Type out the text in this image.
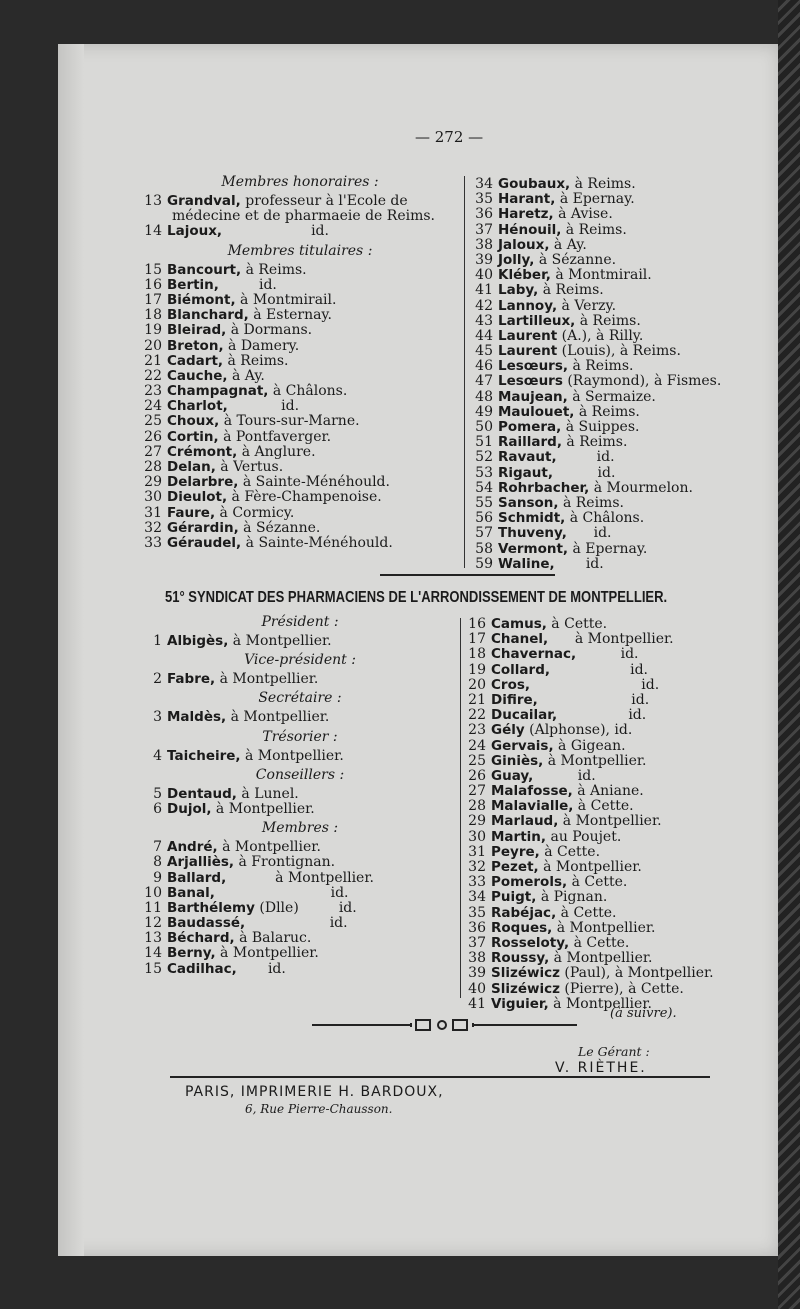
— 272 —
Membres honoraires :
13 Grandval, professeur à l'Ecole de
médecine et de pharmaeie de Reims.
14 Lajoux,                    id.
Membres titulaires :
15 Bancourt, à Reims.
16 Bertin,         id.
17 Biémont, à Montmirail.
18 Blanchard, à Esternay.
19 Bleirad, à Dormans.
20 Breton, à Damery.
21 Cadart, à Reims.
22 Cauche, à Ay.
23 Champagnat, à Châlons.
24 Charlot,            id.
25 Choux, à Tours-sur-Marne.
26 Cortin, à Pontfaverger.
27 Crémont, à Anglure.
28 Delan, à Vertus.
29 Delarbre, à Sainte-Ménéhould.
30 Dieulot, à Fère-Champenoise.
31 Faure, à Cormicy.
32 Gérardin, à Sézanne.
33 Géraudel, à Sainte-Ménéhould.
34 Goubaux, à Reims.
35 Harant, à Epernay.
36 Haretz, à Avise.
37 Hénouil, à Reims.
38 Jaloux, à Ay.
39 Jolly, à Sézanne.
40 Kléber, à Montmirail.
41 Laby, à Reims.
42 Lannoy, à Verzy.
43 Lartilleux, à Reims.
44 Laurent (A.), à Rilly.
45 Laurent (Louis), à Reims.
46 Lesœurs, à Reims.
47 Lesœurs (Raymond), à Fismes.
48 Maujean, à Sermaize.
49 Maulouet, à Reims.
50 Pomera, à Suippes.
51 Raillard, à Reims.
52 Ravaut,         id.
53 Rigaut,          id.
54 Rohrbacher, à Mourmelon.
55 Sanson, à Reims.
56 Schmidt, à Châlons.
57 Thuveny,      id.
58 Vermont, à Epernay.
59 Waline,       id.
51° SYNDICAT DES PHARMACIENS DE L'ARRONDISSEMENT DE MONTPELLIER.
Président :
1 Albigès, à Montpellier.
Vice-président :
2 Fabre, à Montpellier.
Secrétaire :
3 Maldès, à Montpellier.
Trésorier :
4 Taicheire, à Montpellier.
Conseillers :
5 Dentaud, à Lunel.
6 Dujol, à Montpellier.
Membres :
7 André, à Montpellier.
8 Arjalliès, à Frontignan.
9 Ballard,           à Montpellier.
10 Banal,                          id.
11 Barthélemy (Dlle)         id.
12 Baudassé,                   id.
13 Béchard, à Balaruc.
14 Berny, à Montpellier.
15 Cadilhac,       id.
16 Camus, à Cette.
17 Chanel,      à Montpellier.
18 Chavernac,          id.
19 Collard,                  id.
20 Cros,                         id.
21 Difire,                     id.
22 Ducailar,                id.
23 Gély (Alphonse), id.
24 Gervais, à Gigean.
25 Giniès, à Montpellier.
26 Guay,          id.
27 Malafosse, à Aniane.
28 Malavialle, à Cette.
29 Marlaud, à Montpellier.
30 Martin, au Poujet.
31 Peyre, à Cette.
32 Pezet, à Montpellier.
33 Pomerols, à Cette.
34 Puigt, à Pignan.
35 Rabéjac, à Cette.
36 Roques, à Montpellier.
37 Rosseloty, à Cette.
38 Roussy, à Montpellier.
39 Slizéwicz (Paul), à Montpellier.
40 Slizéwicz (Pierre), à Cette.
41 Viguier, à Montpellier.
(à suivre).
Le Gérant :
V. RIÈTHE.
PARIS, IMPRIMERIE H. BARDOUX,
6, Rue Pierre-Chausson.
